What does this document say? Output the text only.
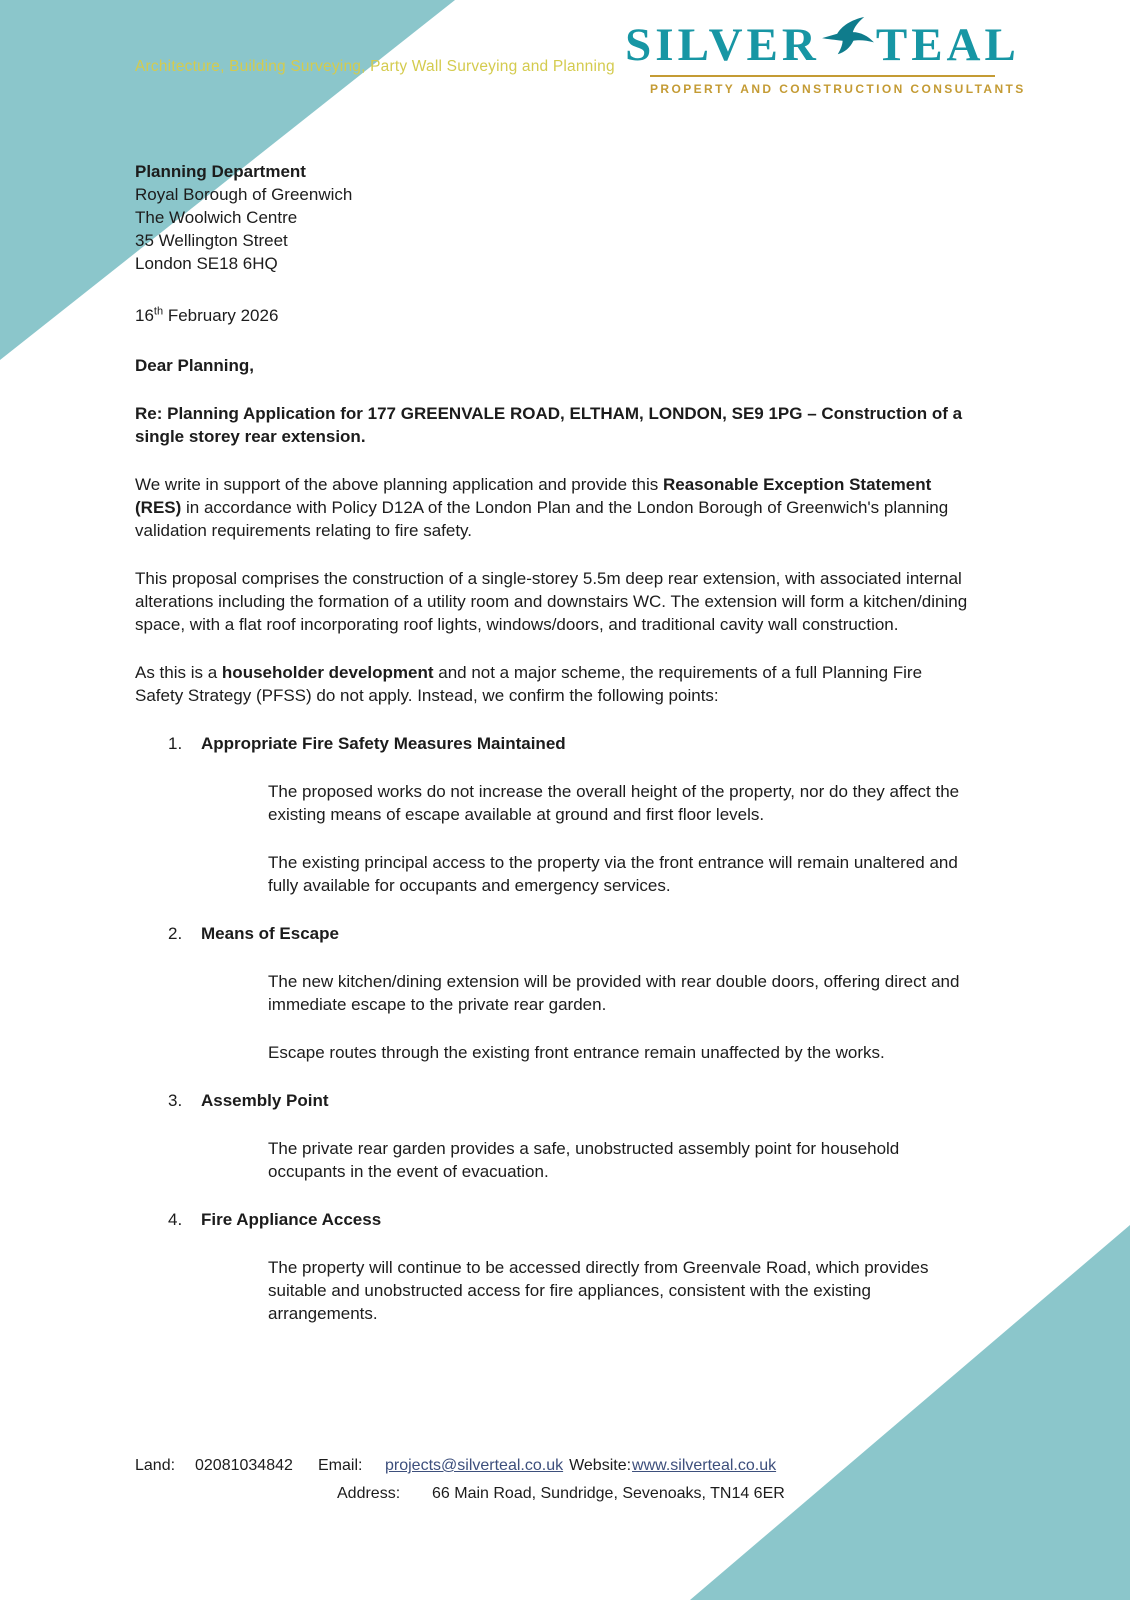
Architecture, Building Surveying, Party Wall Surveying and Planning SILVER TEAL
PROPERTY AND CONSTRUCTION CONSULTANTS
Planning Department
Royal Borough of Greenwich
The Woolwich Centre
35 Wellington Street
London SE18 6HQ

16th February 2026

Dear Planning,

Re: Planning Application for 177 GREENVALE ROAD, ELTHAM, LONDON, SE9 1PG – Construction of a single storey rear extension.

We write in support of the above planning application and provide this Reasonable Exception Statement (RES) in accordance with Policy D12A of the London Plan and the London Borough of Greenwich's planning validation requirements relating to fire safety.

This proposal comprises the construction of a single-storey 5.5m deep rear extension, with associated internal alterations including the formation of a utility room and downstairs WC. The extension will form a kitchen/dining space, with a flat roof incorporating roof lights, windows/doors, and traditional cavity wall construction.

As this is a householder development and not a major scheme, the requirements of a full Planning Fire Safety Strategy (PFSS) do not apply. Instead, we confirm the following points:

1. Appropriate Fire Safety Measures Maintained

The proposed works do not increase the overall height of the property, nor do they affect the existing means of escape available at ground and first floor levels.

The existing principal access to the property via the front entrance will remain unaltered and fully available for occupants and emergency services.

2. Means of Escape

The new kitchen/dining extension will be provided with rear double doors, offering direct and immediate escape to the private rear garden.

Escape routes through the existing front entrance remain unaffected by the works.

3. Assembly Point

The private rear garden provides a safe, unobstructed assembly point for household occupants in the event of evacuation.

4. Fire Appliance Access

The property will continue to be accessed directly from Greenvale Road, which provides suitable and unobstructed access for fire appliances, consistent with the existing arrangements.

Land: 02081034842 Email: projects@silverteal.co.uk Website:www.silverteal.co.uk
Address: 66 Main Road, Sundridge, Sevenoaks, TN14 6ER
